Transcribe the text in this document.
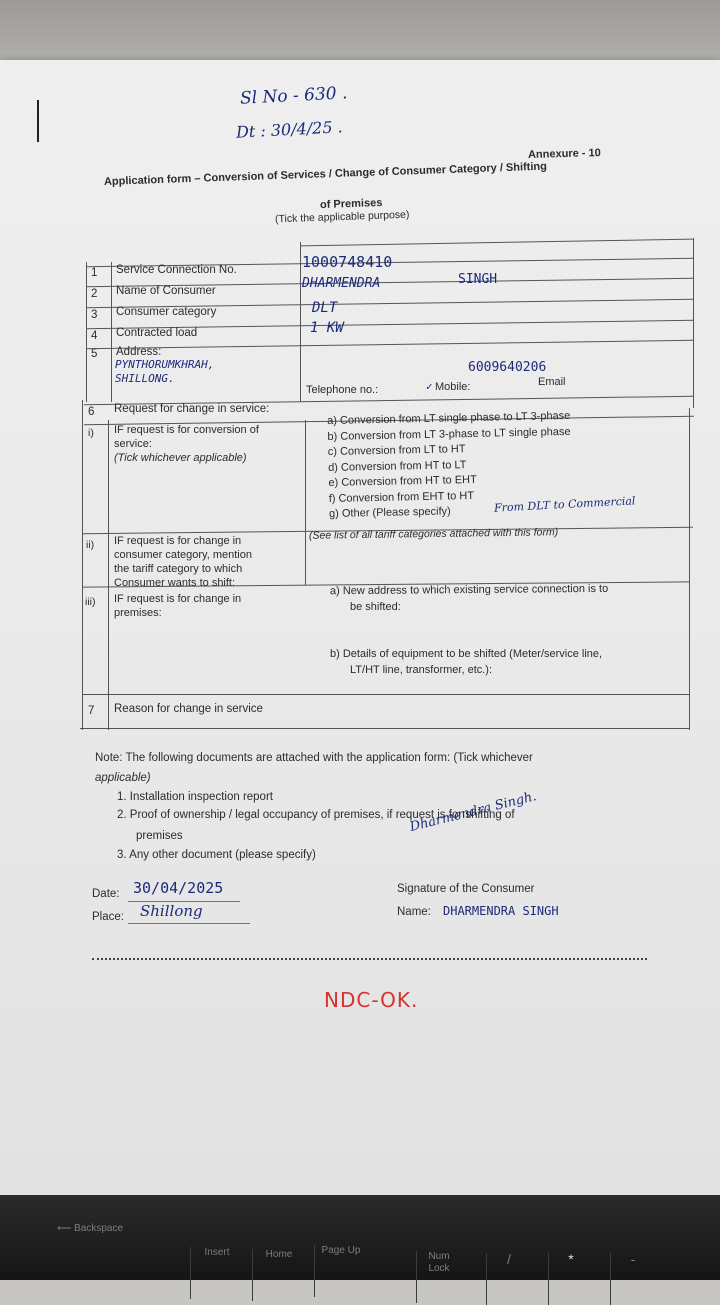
Sl No - 630 .
Dt : 30/4/25 .
Annexure - 10
Application form – Conversion of Services / Change of Consumer Category / Shifting
of Premises
(Tick the applicable purpose)
1 Service Connection No.	1000748410
2 Name of Consumer	DHARMENDRA	SINGH
3 Consumer category	DLT
4 Contracted load	1 KW
5 Address:
PYNTHORUMKHRAH,
SHILLONG.
Telephone no.:	✓ Mobile:
6009640206
Email
6 Request for change in service:
i) IF request is for conversion of
service:
(Tick whichever applicable)
a) Conversion from LT single phase to LT 3-phase
b) Conversion from LT 3-phase to LT single phase
c) Conversion from LT to HT
d) Conversion from HT to LT
e) Conversion from HT to EHT
f) Conversion from EHT to HT
g) Other (Please specify)	From DLT to Commercial
ii) IF request is for change in
consumer category, mention
the tariff category to which
Consumer wants to shift:
(See list of all tariff categories attached with this form)
iii) IF request is for change in
premises:
a) New address to which existing service connection is to
be shifted:
b) Details of equipment to be shifted (Meter/service line,
LT/HT line, transformer, etc.):
7 Reason for change in service
Note: The following documents are attached with the application form: (Tick whichever
applicable)
1. Installation inspection report
2. Proof of ownership / legal occupancy of premises, if request is for shifting of
premises
3. Any other document (please specify)
Dharmendra Singh.
Signature of the Consumer
Name: DHARMENDRA SINGH
Date: 30/04/2025
Place: Shillong
NDC-OK.
⟵ Backspace
Insert	Home	Page Up
Num Lock
/	*	-
